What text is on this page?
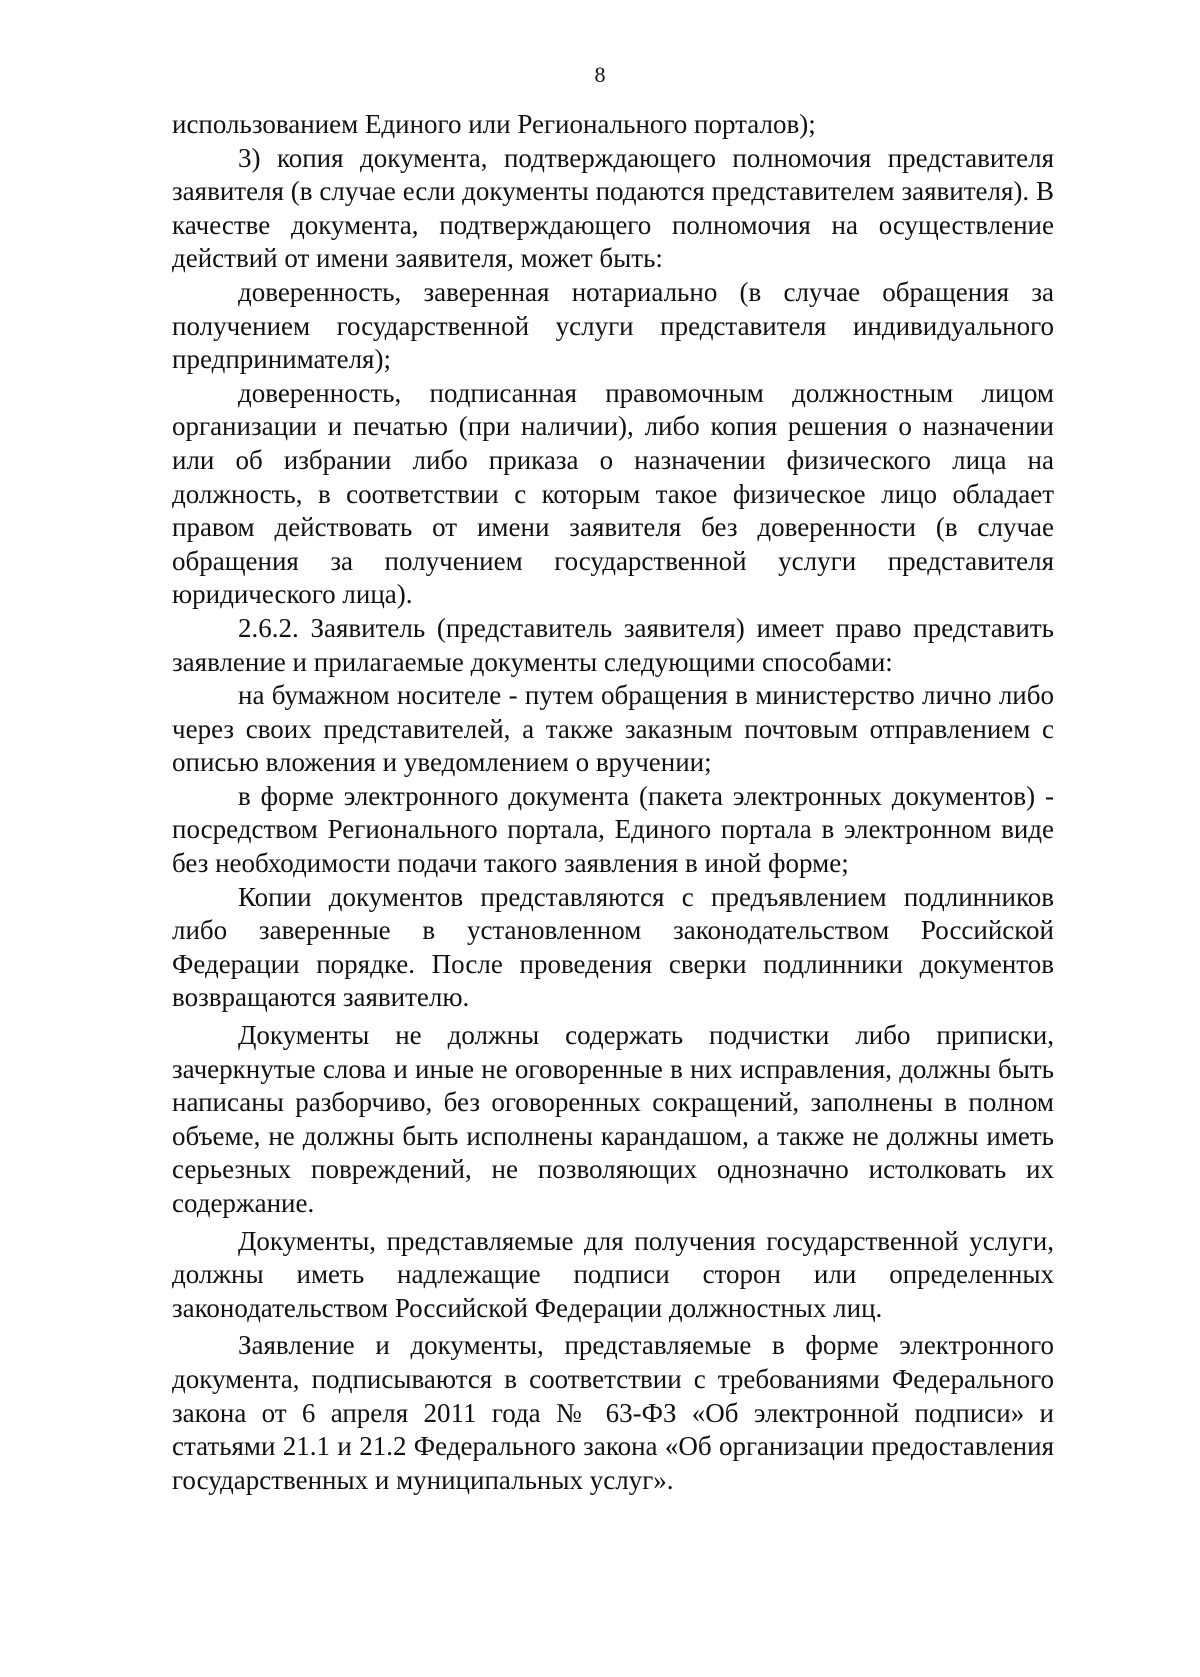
8

использованием Единого или Регионального порталов);

3) копия документа, подтверждающего полномочия представителя заявителя (в случае если документы подаются представителем заявителя). В качестве документа, подтверждающего полномочия на осуществление действий от имени заявителя, может быть:

доверенность, заверенная нотариально (в случае обращения за получением государственной услуги представителя индивидуального предпринимателя);

доверенность, подписанная правомочным должностным лицом организации и печатью (при наличии), либо копия решения о назначении или об избрании либо приказа о назначении физического лица на должность, в соответствии с которым такое физическое лицо обладает правом действовать от имени заявителя без доверенности (в случае обращения за получением государственной услуги представителя юридического лица).

2.6.2. Заявитель (представитель заявителя) имеет право представить заявление и прилагаемые документы следующими способами:

на бумажном носителе - путем обращения в министерство лично либо через своих представителей, а также заказным почтовым отправлением с описью вложения и уведомлением о вручении;

в форме электронного документа (пакета электронных документов) - посредством Регионального портала, Единого портала в электронном виде без необходимости подачи такого заявления в иной форме;

Копии документов представляются с предъявлением подлинников либо заверенные в установленном законодательством Российской Федерации порядке. После проведения сверки подлинники документов возвращаются заявителю.

Документы не должны содержать подчистки либо приписки, зачеркнутые слова и иные не оговоренные в них исправления, должны быть написаны разборчиво, без оговоренных сокращений, заполнены в полном объеме, не должны быть исполнены карандашом, а также не должны иметь серьезных повреждений, не позволяющих однозначно истолковать их содержание.

Документы, представляемые для получения государственной услуги, должны иметь надлежащие подписи сторон или определенных законодательством Российской Федерации должностных лиц.

Заявление и документы, представляемые в форме электронного документа, подписываются в соответствии с требованиями Федерального закона от 6 апреля 2011 года № 63-ФЗ «Об электронной подписи» и статьями 21.1 и 21.2 Федерального закона «Об организации предоставления государственных и муниципальных услуг».
